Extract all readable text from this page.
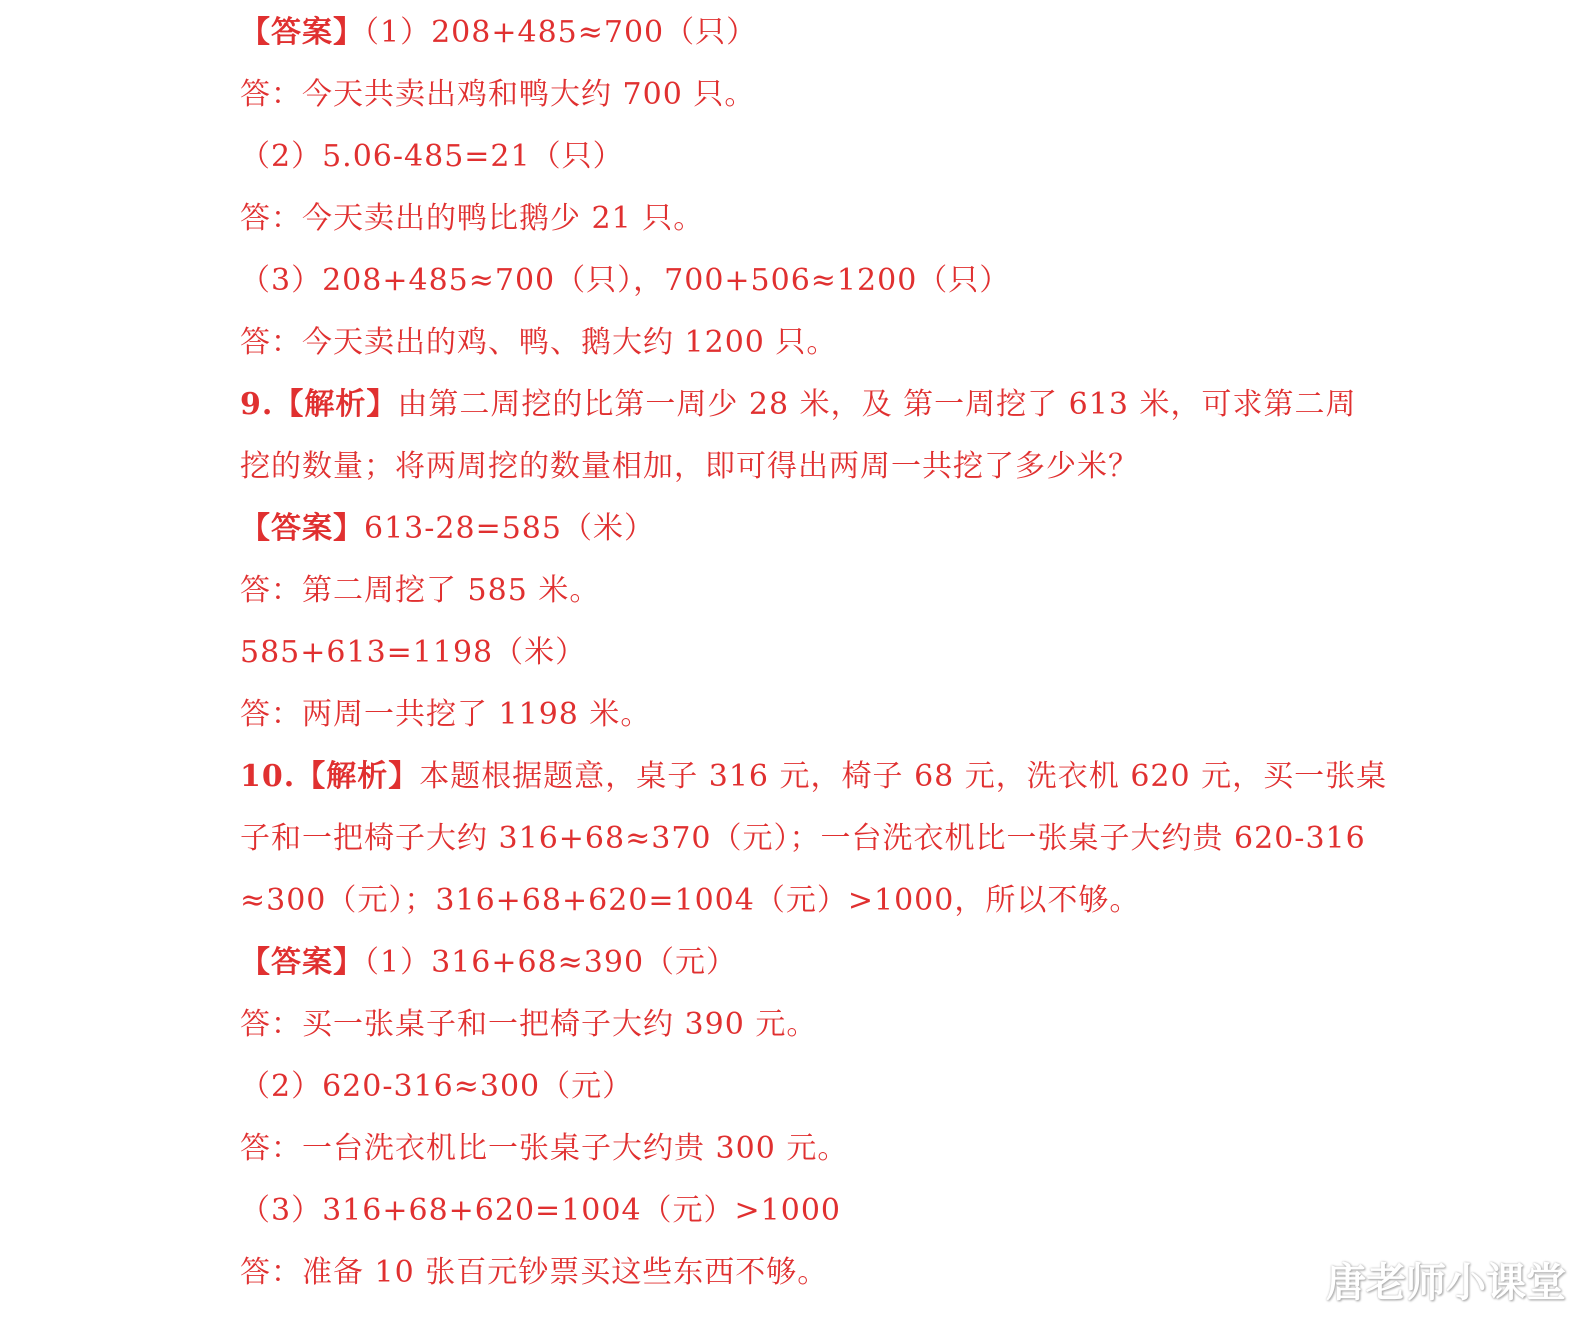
【答案】（1）208+485≈700（只）
答：今天共卖出鸡和鸭大约 700 只。
（2）5.06-485=21（只）
答：今天卖出的鸭比鹅少 21 只。
（3）208+485≈700（只），700+506≈1200（只）
答：今天卖出的鸡、鸭、鹅大约 1200 只。
9.【解析】由第二周挖的比第一周少 28 米，及 第一周挖了 613 米，可求第二周
挖的数量；将两周挖的数量相加，即可得出两周一共挖了多少米？
【答案】613-28=585（米）
答：第二周挖了 585 米。
585+613=1198（米）
答：两周一共挖了 1198 米。
10.【解析】本题根据题意，桌子 316 元，椅子 68 元，洗衣机 620 元，买一张桌
子和一把椅子大约 316+68≈370（元）；一台洗衣机比一张桌子大约贵 620-316
≈300（元）；316+68+620=1004（元）>1000，所以不够。
【答案】（1）316+68≈390（元）
答：买一张桌子和一把椅子大约 390 元。
（2）620-316≈300（元）
答：一台洗衣机比一张桌子大约贵 300 元。
（3）316+68+620=1004（元）>1000
答：准备 10 张百元钞票买这些东西不够。	唐老师小课堂
